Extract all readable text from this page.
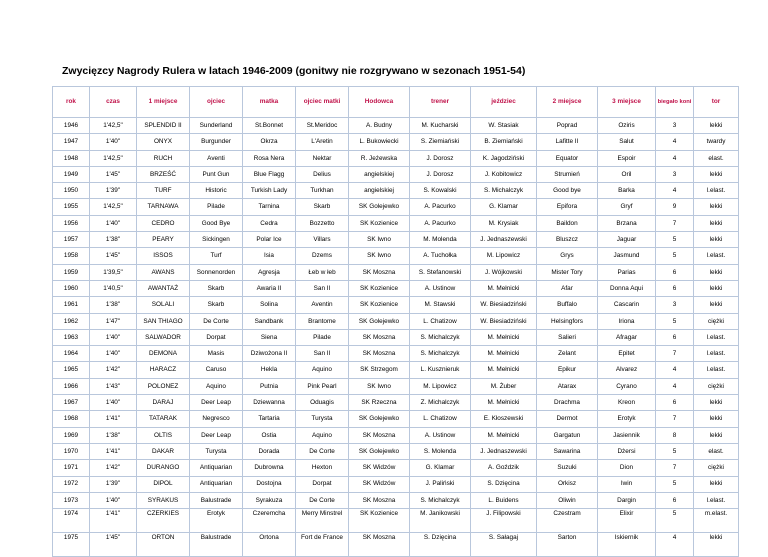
Zwycięzcy Nagrody Rulera w latach 1946-2009 (gonitwy nie rozgrywano w sezonach 1951-54)
rok	czas	1 miejsce	ojciec	matka	ojciec matki	Hodowca	trener	jeździec	2 miejsce	3 miejsce	biegało koni	tor
1946	1'42,5"	SPLENDID II	Sunderland	St.Bonnet	St.Meridoc	A. Budny	M. Kucharski	W. Stasiak	Poprad	Oziris	3	lekki
1947	1'40"	ONYX	Burgunder	Okrza	L'Aretin	L. Bukowiecki	S. Ziemiański	B. Ziemiański	Lafitte II	Salut	4	twardy
1948	1'42,5"	RUCH	Aventi	Rosa Nera	Nektar	R. Jeżewska	J. Dorosz	K. Jagodziński	Equator	Espoir	4	elast.
1949	1'45"	BRZEŚĆ	Punt Gun	Blue Flagg	Delius	angielskiej	J. Dorosz	J. Kobitowicz	Strumień	Oril	3	lekki
1950	1'39"	TURF	Historic	Turkish Lady	Turkhan	angielskiej	S. Kowalski	S. Michalczyk	Good bye	Barka	4	l.elast.
1955	1'42,5"	TARNAWA	Pilade	Tarnina	Skarb	SK Golejewko	A. Pacurko	G. Klamar	Epifora	Gryf	9	lekki
1956	1'40"	CEDRO	Good Bye	Cedra	Bozzetto	SK Kozienice	A. Pacurko	M. Krysiak	Baildon	Brzana	7	lekki
1957	1'38"	PEARY	Sickingen	Polar Ice	Villars	SK Iwno	M. Molenda	J. Jednaszewski	Bluszcz	Jaguar	5	lekki
1958	1'45"	ISSOS	Turf	Isia	Dzems	SK Iwno	A. Tuchołka	M. Lipowicz	Grys	Jasmund	5	l.elast.
1959	1'39,5"	AWANS	Sonnenorden	Agresja	Łeb w łeb	SK Moszna	S. Stefanowski	J. Wójkowski	Mister Tory	Parias	6	lekki
1960	1'40,5"	AWANTAŻ	Skarb	Awaria II	San II	SK Kozienice	A. Ustinow	M. Mełnicki	Afar	Donna Aqui	6	lekki
1961	1'38"	SOLALI	Skarb	Solina	Aventin	SK Kozienice	M. Stawski	W. Biesiadziński	Buffalo	Cascarin	3	lekki
1962	1'47"	SAN THIAGO	De Corte	Sandbank	Brantome	SK Golejewko	L. Chatizow	W. Biesiadziński	Helsingfors	Iriona	5	ciężki
1963	1'40"	SALWADOR	Dorpat	Siena	Pilade	SK Moszna	S. Michalczyk	M. Mełnicki	Salieri	Afragar	6	l.elast.
1964	1'40"	DEMONA	Masis	Dziwożona II	San II	SK Moszna	S. Michalczyk	M. Mełnicki	Zelant	Epitet	7	l.elast.
1965	1'42"	HARACZ	Caruso	Hekla	Aquino	SK Strzegom	L. Kusznieruk	M. Mełnicki	Epikur	Alvarez	4	l.elast.
1966	1'43"	POLONEZ	Aquino	Putnia	Pink Pearl	SK Iwno	M. Lipowicz	M. Żuber	Atarax	Cyrano	4	ciężki
1967	1'40"	DARAJ	Deer Leap	Dziewanna	Oduagis	SK Rzeczna	Z. Michalczyk	M. Mełnicki	Drachma	Kreon	6	lekki
1968	1'41"	TATARAK	Negresco	Tartaria	Turysta	SK Golejewko	L. Chatizow	E. Kłoszewski	Dermot	Erotyk	7	lekki
1969	1'38"	OLTIS	Deer Leap	Ostia	Aquino	SK Moszna	A. Ustinow	M. Mełnicki	Gargatun	Jasiennik	8	lekki
1970	1'41"	DAKAR	Turysta	Dorada	De Corte	SK Golejewko	S. Molenda	J. Jednaszewski	Sawarina	Dżersi	5	elast.
1971	1'42"	DURANGO	Antiquarian	Dubrowna	Hexton	SK Widzów	G. Klamar	A. Goździk	Suzuki	Dion	7	ciężki
1972	1'39"	DIPOL	Antiquarian	Dostojna	Dorpat	SK Widzów	J. Paliński	S. Dzięcina	Orkisz	Iwin	5	lekki
1973	1'40"	SYRAKUS	Balustrade	Syrakuza	De Corte	SK Moszna	S. Michalczyk	L. Buidens	Oliwin	Dargin	6	l.elast.
1974	1'41"	CZERKIES	Erotyk	Czeremcha	Merry Minstrel	SK Kozienice	M. Janikowski	J. Filipowski	Czestram	Elixir	5	m.elast.
1975	1'45"	ORTON	Balustrade	Ortona	Fort de France	SK Moszna	S. Dzięcina	S. Sałagaj	Sarton	Iskiernik	4	lekki
